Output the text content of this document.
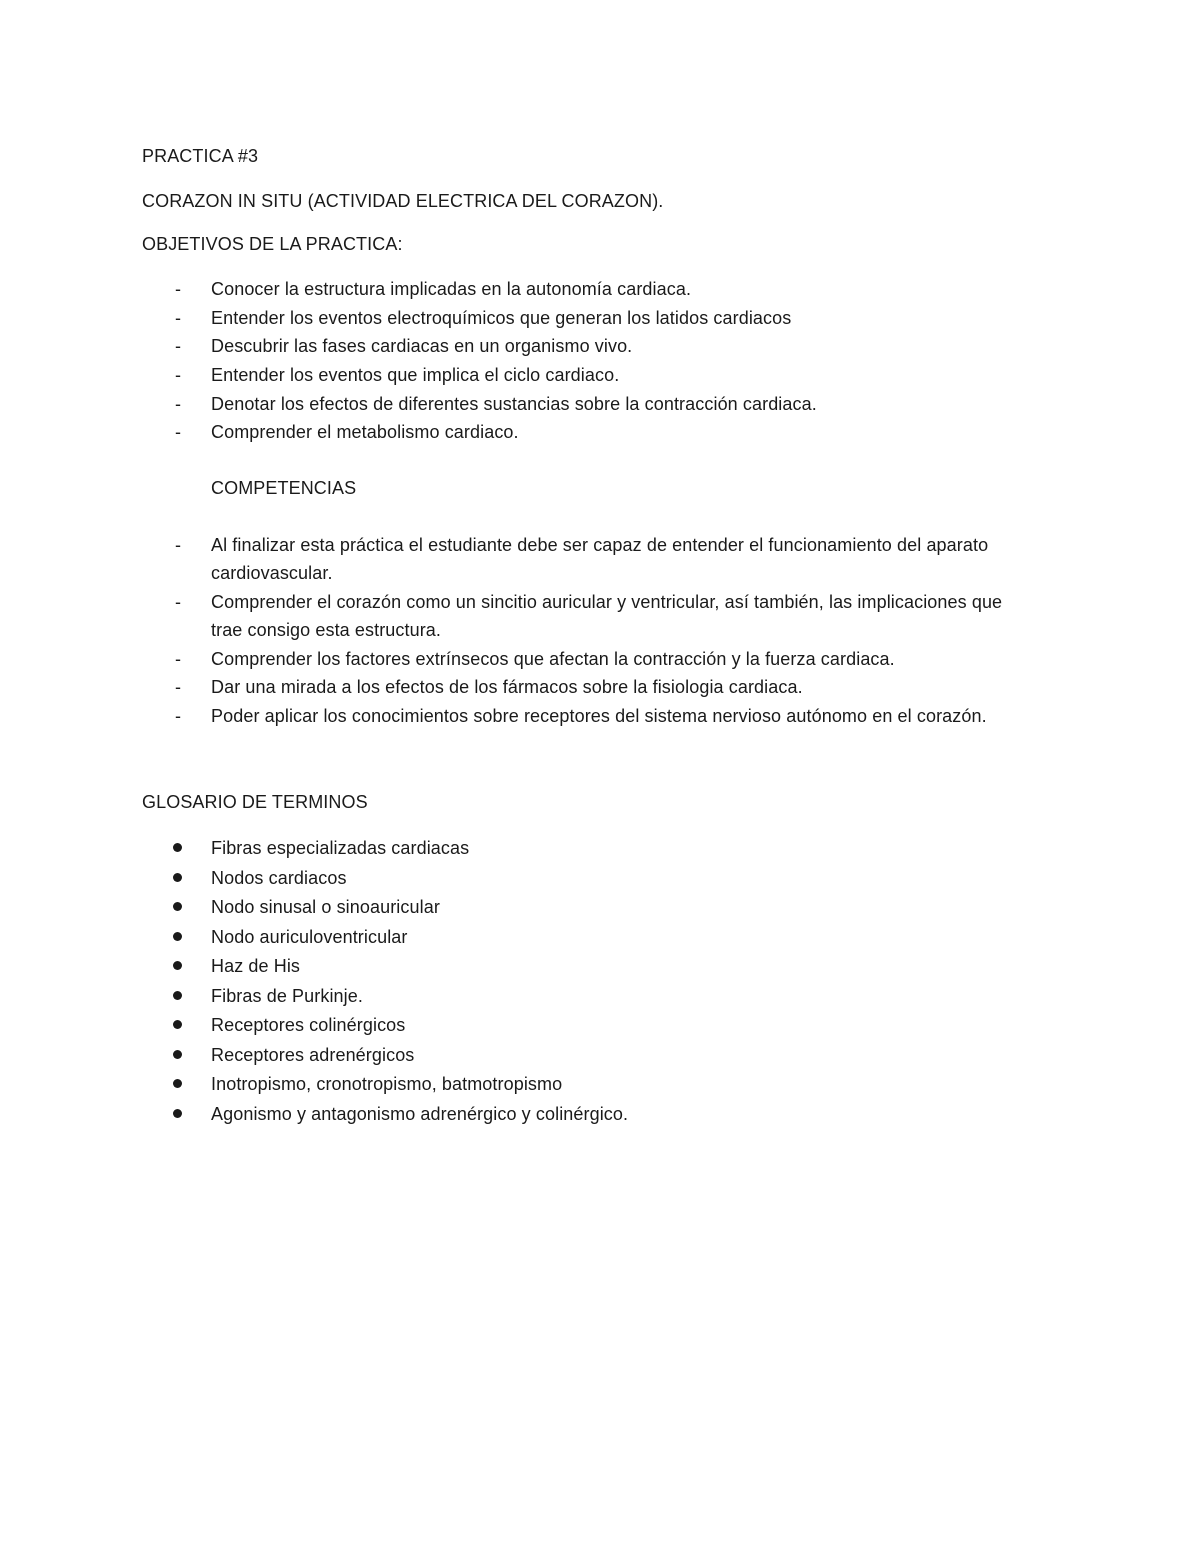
PRACTICA #3
CORAZON IN SITU (ACTIVIDAD ELECTRICA DEL CORAZON).
OBJETIVOS DE LA PRACTICA:
- Conocer la estructura implicadas en la autonomía cardiaca.
- Entender los eventos electroquímicos que generan los latidos cardiacos
- Descubrir las fases cardiacas en un organismo vivo.
- Entender los eventos que implica el ciclo cardiaco.
- Denotar los efectos de diferentes sustancias sobre la contracción cardiaca.
- Comprender el metabolismo cardiaco.
COMPETENCIAS
- Al finalizar esta práctica el estudiante debe ser capaz de entender el funcionamiento del aparato
cardiovascular.
- Comprender el corazón como un sincitio auricular y ventricular, así también, las implicaciones que
trae consigo esta estructura.
- Comprender los factores extrínsecos que afectan la contracción y la fuerza cardiaca.
- Dar una mirada a los efectos de los fármacos sobre la fisiologia cardiaca.
- Poder aplicar los conocimientos sobre receptores del sistema nervioso autónomo en el corazón.
GLOSARIO DE TERMINOS
Fibras especializadas cardiacas
Nodos cardiacos
Nodo sinusal o sinoauricular
Nodo auriculoventricular
Haz de His
Fibras de Purkinje.
Receptores colinérgicos
Receptores adrenérgicos
Inotropismo, cronotropismo, batmotropismo
Agonismo y antagonismo adrenérgico y colinérgico.
